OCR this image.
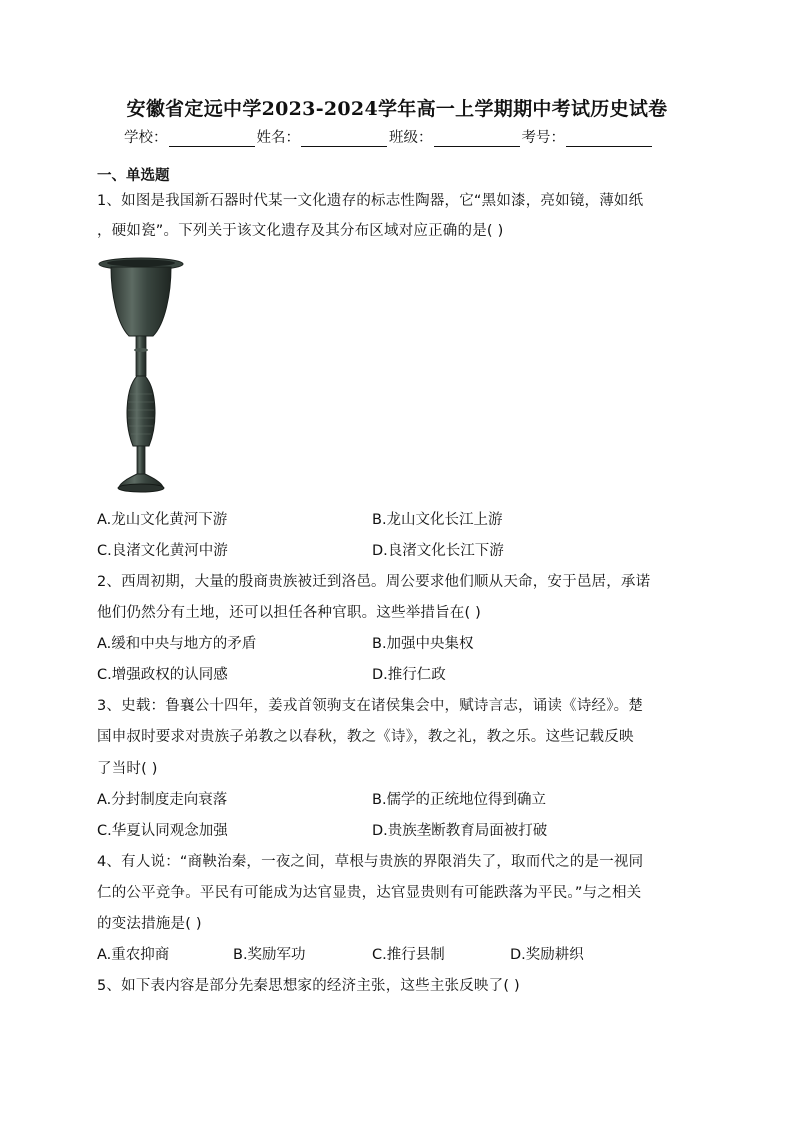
安徽省定远中学2023-2024学年高一上学期期中考试历史试卷
学校：	姓名：	班级：	考号：
一、单选题
1、如图是我国新石器时代某一文化遗存的标志性陶器，它“黑如漆，亮如镜，薄如纸
，硬如瓷”。下列关于该文化遗存及其分布区域对应正确的是( )
A.龙山文化黄河下游	B.龙山文化长江上游
C.良渚文化黄河中游	D.良渚文化长江下游
2、西周初期，大量的殷商贵族被迁到洛邑。周公要求他们顺从天命，安于邑居，承诺
他们仍然分有土地，还可以担任各种官职。这些举措旨在( )
A.缓和中央与地方的矛盾	B.加强中央集权
C.增强政权的认同感	D.推行仁政
3、史载：鲁襄公十四年，姜戎首领驹支在诸侯集会中，赋诗言志，诵读《诗经》。楚
国申叔时要求对贵族子弟教之以春秋，教之《诗》，教之礼，教之乐。这些记载反映
了当时( )
A.分封制度走向衰落	B.儒学的正统地位得到确立
C.华夏认同观念加强	D.贵族垄断教育局面被打破
4、有人说：“商鞅治秦，一夜之间，草根与贵族的界限消失了，取而代之的是一视同
仁的公平竞争。平民有可能成为达官显贵，达官显贵则有可能跌落为平民。”与之相关
的变法措施是( )
A.重农抑商	B.奖励军功	C.推行县制	D.奖励耕织
5、如下表内容是部分先秦思想家的经济主张，这些主张反映了( )
